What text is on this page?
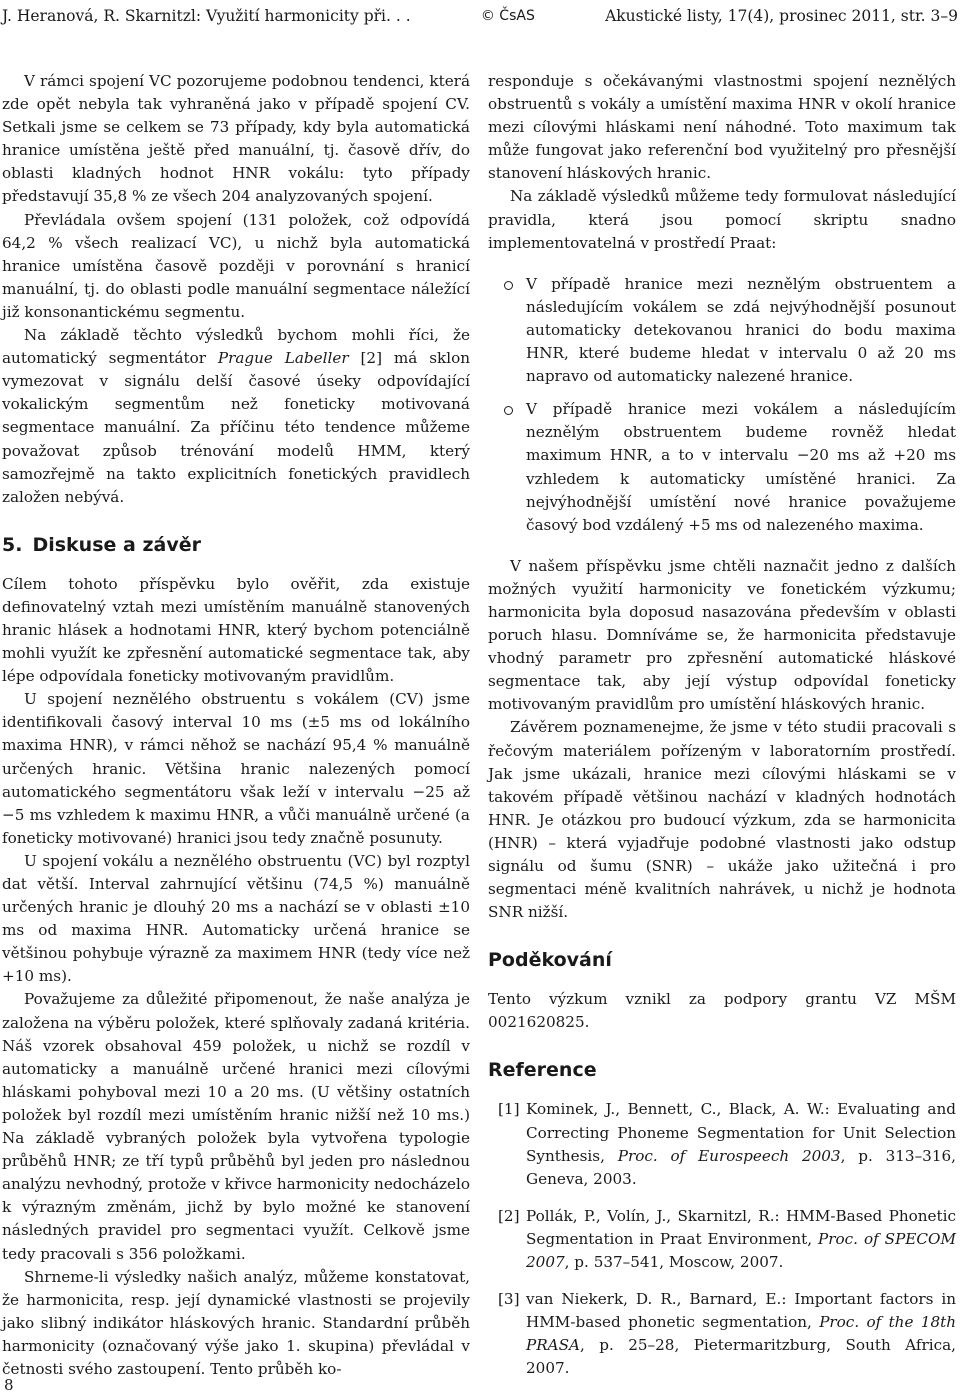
J. Heranová, R. Skarnitzl: Využití harmonicity při. . .	© ČsAS	Akustické listy, 17(4), prosinec 2011, str. 3–9

V rámci spojení VC pozorujeme podobnou tendenci, která zde opět nebyla tak vyhraněná jako v případě spojení CV. Setkali jsme se celkem se 73 případy, kdy byla automatická hranice umístěna ještě před manuální, tj. časově dřív, do oblasti kladných hodnot HNR vokálu: tyto případy představují 35,8 % ze všech 204 analyzovaných spojení.

Převládala ovšem spojení (131 položek, což odpovídá 64,2 % všech realizací VC), u nichž byla automatická hranice umístěna časově později v porovnání s hranicí manuální, tj. do oblasti podle manuální segmentace náležící již konsonantickému segmentu.

Na základě těchto výsledků bychom mohli říci, že automatický segmentátor Prague Labeller [2] má sklon vymezovat v signálu delší časové úseky odpovídající vokalickým segmentům než foneticky motivovaná segmentace manuální. Za příčinu této tendence můžeme považovat způsob trénování modelů HMM, který samozřejmě na takto explicitních fonetických pravidlech založen nebývá.

5. Diskuse a závěr

Cílem tohoto příspěvku bylo ověřit, zda existuje definovatelný vztah mezi umístěním manuálně stanovených hranic hlásek a hodnotami HNR, který bychom potenciálně mohli využít ke zpřesnění automatické segmentace tak, aby lépe odpovídala foneticky motivovaným pravidlům.

U spojení neznělého obstruentu s vokálem (CV) jsme identifikovali časový interval 10 ms (±5 ms od lokálního maxima HNR), v rámci něhož se nachází 95,4 % manuálně určených hranic. Většina hranic nalezených pomocí automatického segmentátoru však leží v intervalu −25 až −5 ms vzhledem k maximu HNR, a vůči manuálně určené (a foneticky motivované) hranici jsou tedy značně posunuty.

U spojení vokálu a neznělého obstruentu (VC) byl rozptyl dat větší. Interval zahrnující většinu (74,5 %) manuálně určených hranic je dlouhý 20 ms a nachází se v oblasti ±10 ms od maxima HNR. Automaticky určená hranice se většinou pohybuje výrazně za maximem HNR (tedy více než +10 ms).

Považujeme za důležité připomenout, že naše analýza je založena na výběru položek, které splňovaly zadaná kritéria. Náš vzorek obsahoval 459 položek, u nichž se rozdíl v automaticky a manuálně určené hranici mezi cílovými hláskami pohyboval mezi 10 a 20 ms. (U většiny ostatních položek byl rozdíl mezi umístěním hranic nižší než 10 ms.) Na základě vybraných položek byla vytvořena typologie průběhů HNR; ze tří typů průběhů byl jeden pro následnou analýzu nevhodný, protože v křivce harmonicity nedocházelo k výrazným změnám, jichž by bylo možné ke stanovení následných pravidel pro segmentaci využít. Celkově jsme tedy pracovali s 356 položkami.

Shrneme-li výsledky našich analýz, můžeme konstatovat, že harmonicita, resp. její dynamické vlastnosti se projevily jako slibný indikátor hláskových hranic. Standardní průběh harmonicity (označovaný výše jako 1. skupina) převládal v četnosti svého zastoupení. Tento průběh ko-

responduje s očekávanými vlastnostmi spojení neznělých obstruentů s vokály a umístění maxima HNR v okolí hranice mezi cílovými hláskami není náhodné. Toto maximum tak může fungovat jako referenční bod využitelný pro přesnější stanovení hláskových hranic.

Na základě výsledků můžeme tedy formulovat následující pravidla, která jsou pomocí skriptu snadno implementovatelná v prostředí Praat:

V případě hranice mezi neznělým obstruentem a následujícím vokálem se zdá nejvýhodnější posunout automaticky detekovanou hranici do bodu maxima HNR, které budeme hledat v intervalu 0 až 20 ms napravo od automaticky nalezené hranice.
V případě hranice mezi vokálem a následujícím neznělým obstruentem budeme rovněž hledat maximum HNR, a to v intervalu −20 ms až +20 ms vzhledem k automaticky umístěné hranici. Za nejvýhodnější umístění nové hranice považujeme časový bod vzdálený +5 ms od nalezeného maxima.

V našem příspěvku jsme chtěli naznačit jedno z dalších možných využití harmonicity ve fonetickém výzkumu; harmonicita byla doposud nasazována především v oblasti poruch hlasu. Domníváme se, že harmonicita představuje vhodný parametr pro zpřesnění automatické hláskové segmentace tak, aby její výstup odpovídal foneticky motivovaným pravidlům pro umístění hláskových hranic.

Závěrem poznamenejme, že jsme v této studii pracovali s řečovým materiálem pořízeným v laboratorním prostředí. Jak jsme ukázali, hranice mezi cílovými hláskami se v takovém případě většinou nachází v kladných hodnotách HNR. Je otázkou pro budoucí výzkum, zda se harmonicita (HNR) – která vyjadřuje podobné vlastnosti jako odstup signálu od šumu (SNR) – ukáže jako užitečná i pro segmentaci méně kvalitních nahrávek, u nichž je hodnota SNR nižší.

Poděkování

Tento výzkum vznikl za podpory grantu VZ MŠM 0021620825.

Reference
[1] Kominek, J., Bennett, C., Black, A. W.: Evaluating and Correcting Phoneme Segmentation for Unit Selection Synthesis, Proc. of Eurospeech 2003, p. 313–316, Geneva, 2003.
[2] Pollák, P., Volín, J., Skarnitzl, R.: HMM-Based Phonetic Segmentation in Praat Environment, Proc. of SPECOM 2007, p. 537–541, Moscow, 2007.
[3] van Niekerk, D. R., Barnard, E.: Important factors in HMM-based phonetic segmentation, Proc. of the 18th PRASA, p. 25–28, Pietermaritzburg, South Africa, 2007.
8
